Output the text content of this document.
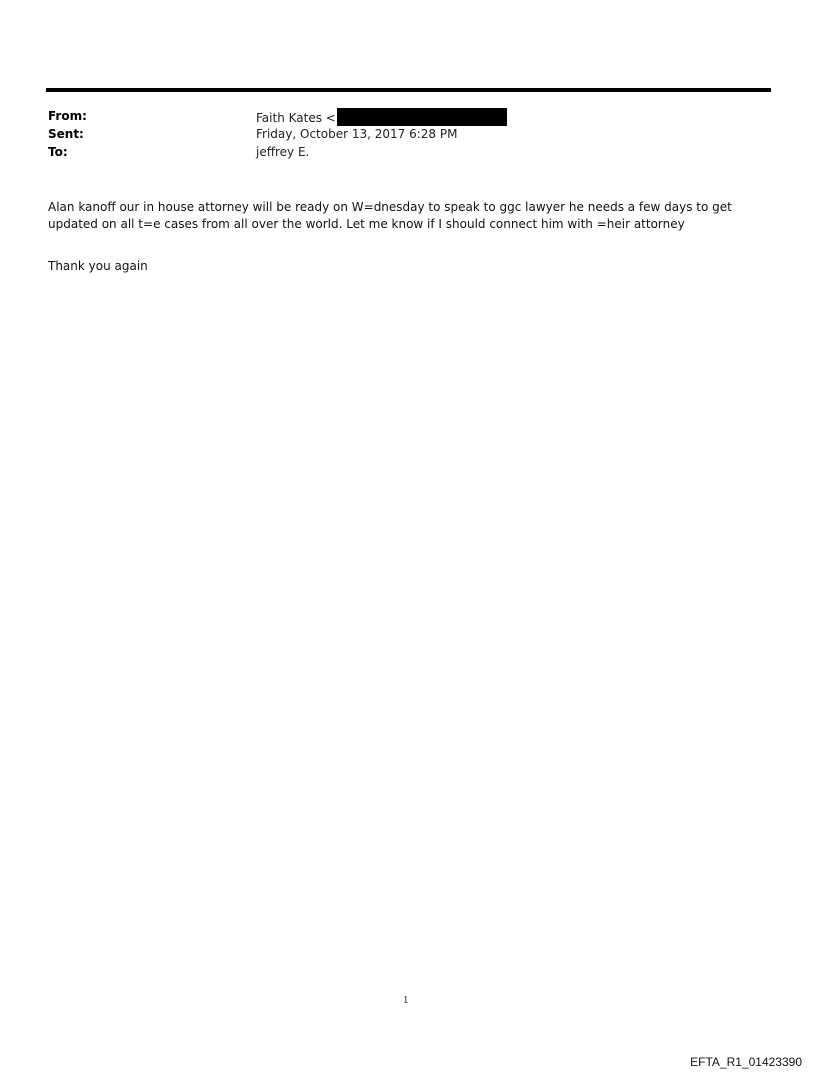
From:	Faith Kates <
Sent:	Friday, October 13, 2017 6:28 PM
To:	jeffrey E.
Alan kanoff our in house attorney will be ready on W=dnesday to speak to ggc lawyer he needs a few days to get
updated on all t=e cases from all over the world. Let me know if I should connect him with =heir attorney
Thank you again
1
EFTA_R1_01423390
